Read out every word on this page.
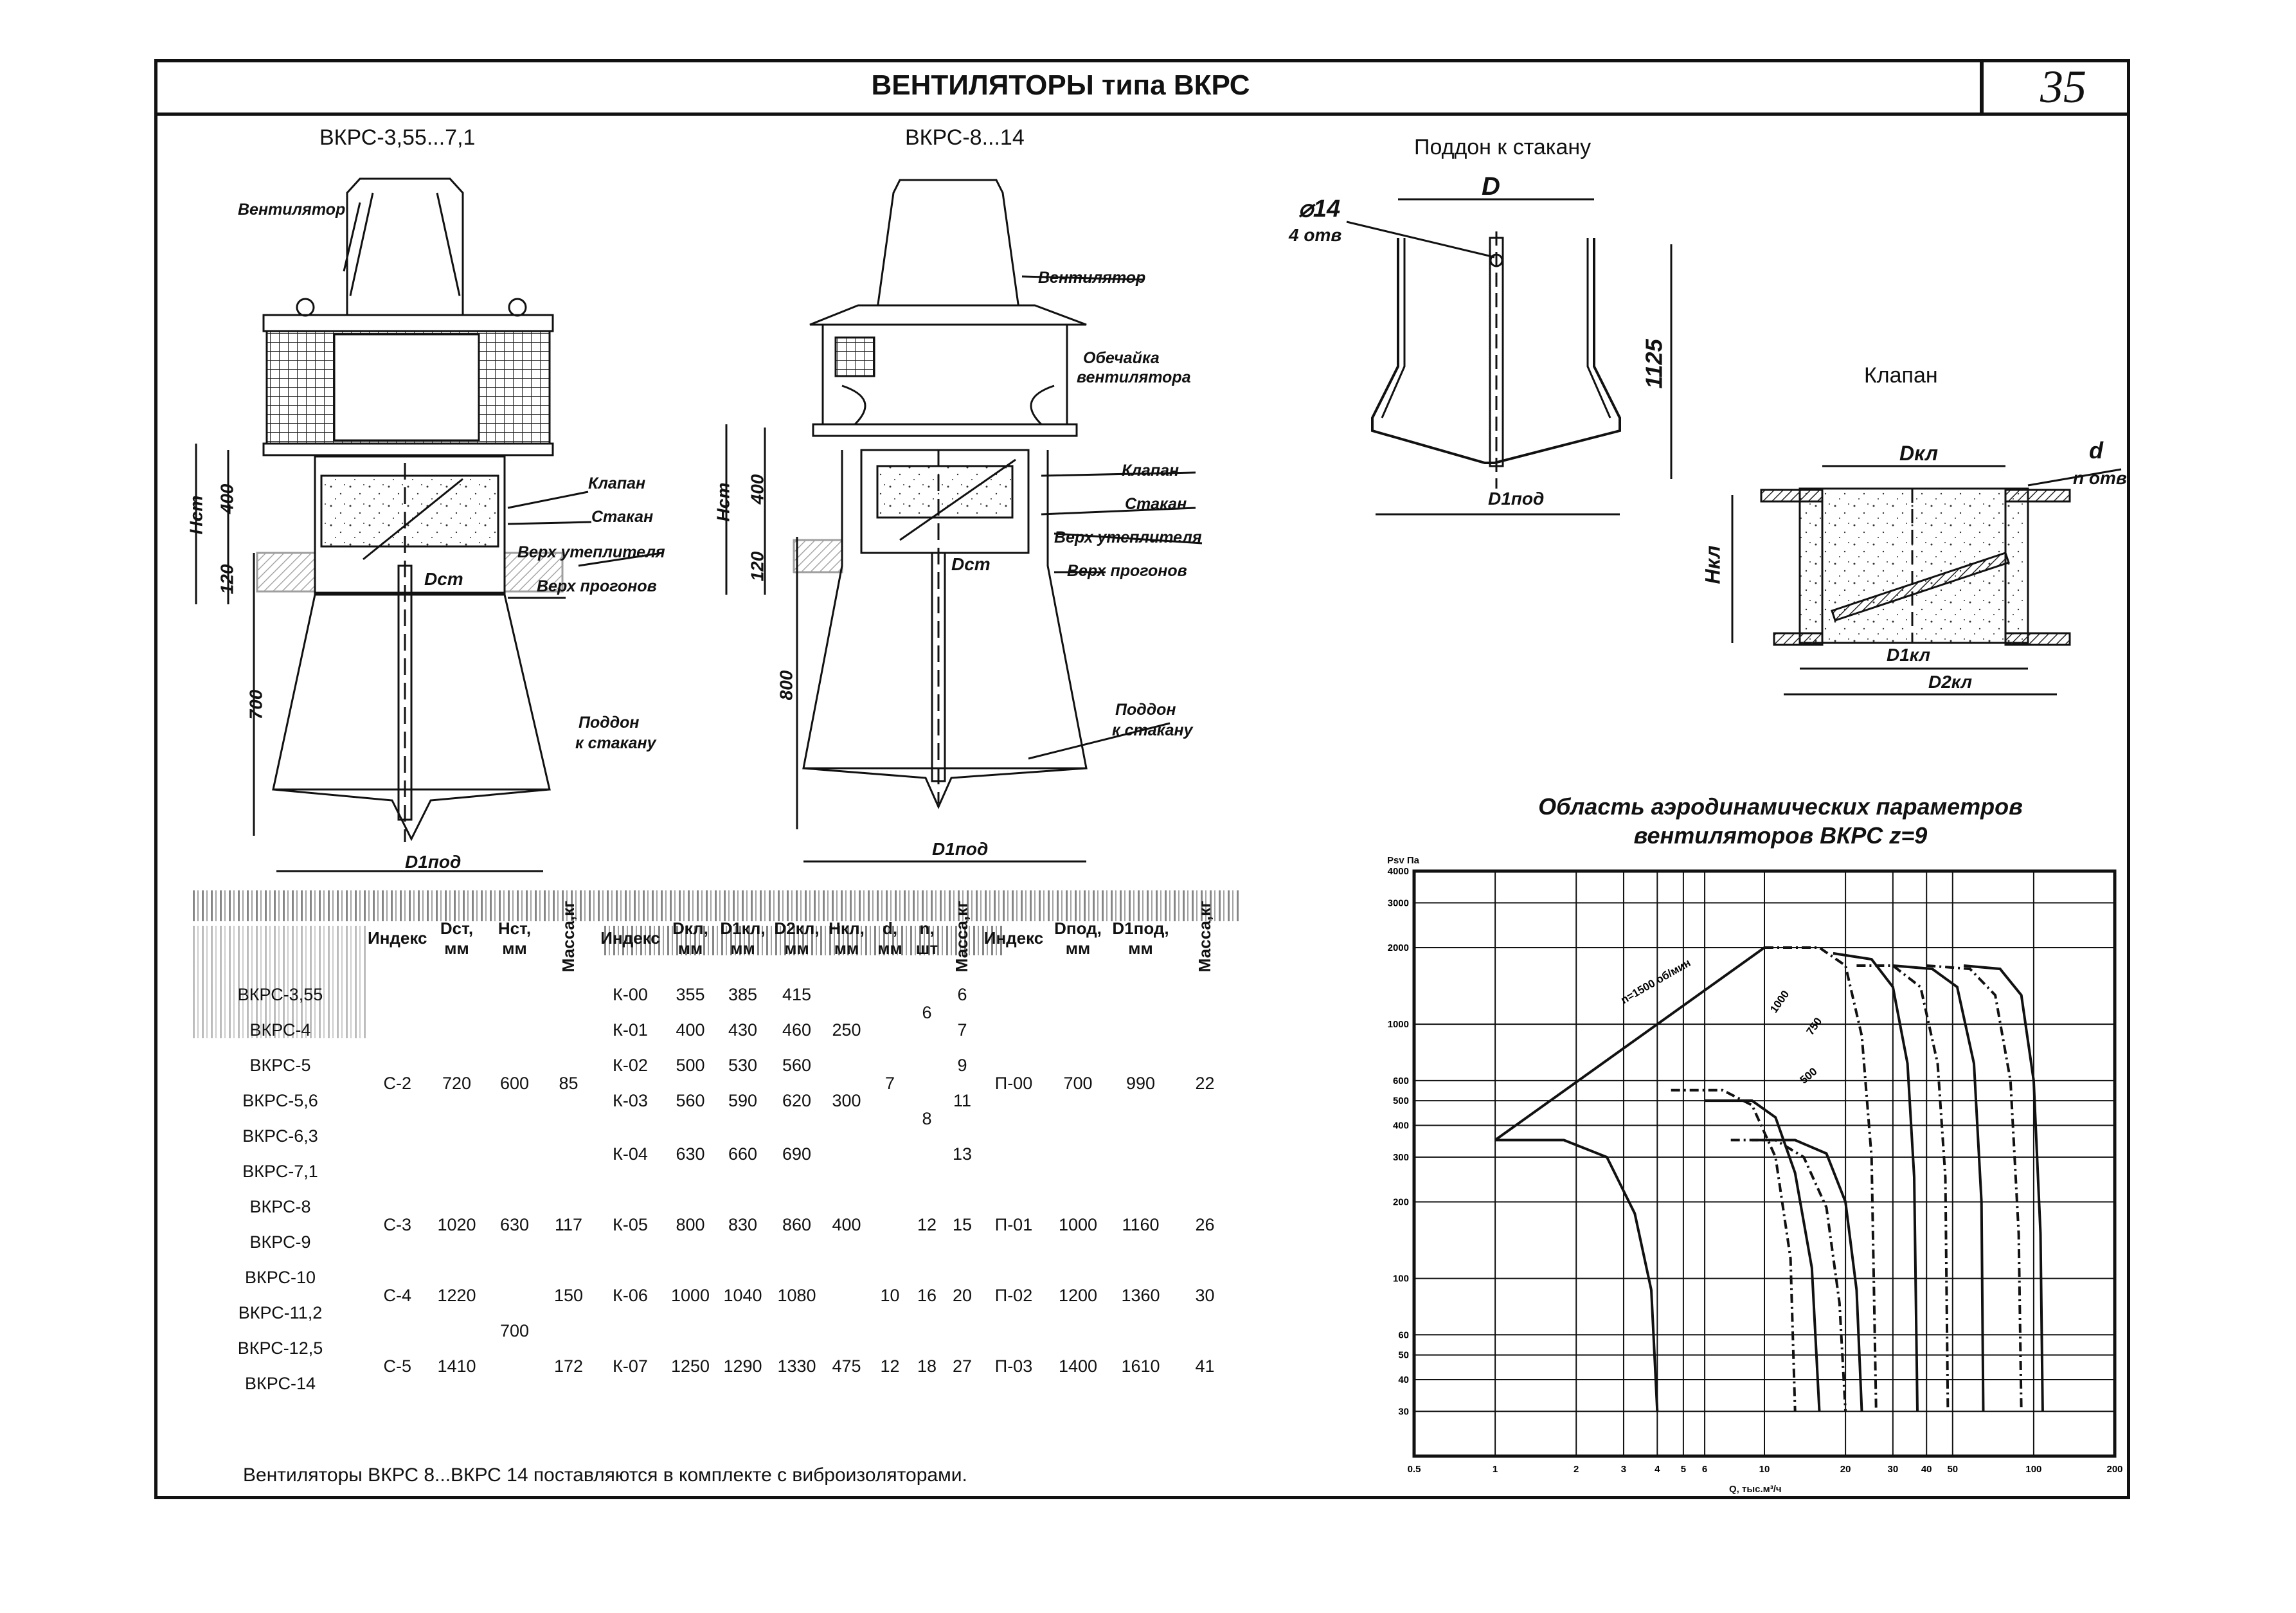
ВЕНТИЛЯТОРЫ типа ВКРС	35
ВКРС-3,55...7,1	ВКРС-8...14	Поддон к стакану
Клапан
Вентилятор
Клапан
Стакан
Верх утеплителя
Верх прогонов
Поддон
к стакану
400
120
700
Hст
Dст
D1под
Вентилятор
Обечайка
вентилятора
Клапан
Стакан
Верх утеплителя
Верх прогонов
Поддон
к стакану
400
120
800
Hст
Dст
D1под
D
⌀14
4 отв
1125
D1под
Dкл	d
n отв
Hкл
D1кл
D2кл
	Индекс	Dст, мм	Нст, мм	Масса,кг	Индекс	Dкл, мм	D1кл, мм	D2кл, мм	Нкл, мм	d, мм	n, шт	Масса,кг	Индекс	Dпод, мм	D1под, мм	Масса,кг
ВКРС-3,55	С-2	720	600	85	К-00	355	385	415		7	6	6	П-00	700	990	22
ВКРС-4					К-01	400	430	460	250			7				
ВКРС-5					К-02	500	530	560			8	9				
ВКРС-5,6					К-03	560	590	620	300			11				
ВКРС-6,3					К-04	630	660	690				13				
ВКРС-7,1																
ВКРС-8	С-3	1020	630	117	К-05	800	830	860	400		12	15	П-01	1000	1160	26
ВКРС-9																
ВКРС-10	С-4	1220	700	150	К-06	1000	1040	1080		10	16	20	П-02	1200	1360	30
ВКРС-11,2																
ВКРС-12,5	С-5	1410		172	К-07	1250	1290	1330	475	12	18	27	П-03	1400	1610	41
ВКРС-14																
Вентиляторы ВКРС 8...ВКРС 14 поставляются в комплекте с виброизоляторами.
Область аэродинамических параметров вентиляторов ВКРС z=9
Psv Па
Q, тыс.м³/ч
0.5	1	2	3	4 5 6	10	20	30 40 50	100	200
4000
3000
2000
1000
600
500
400
300
200
100
60
50
40
30
n=1500 об/мин	1000
750
500
